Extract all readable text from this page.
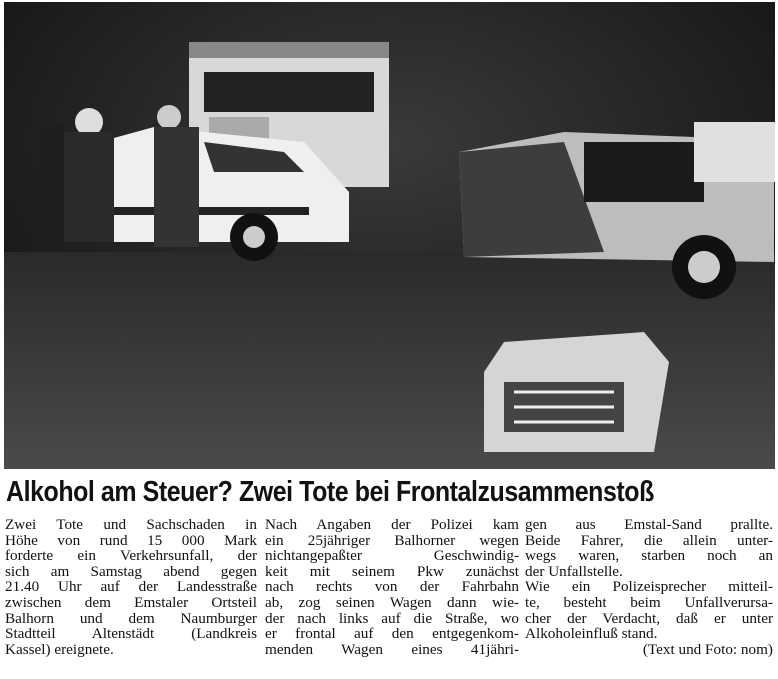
Alkohol am Steuer? Zwei Tote bei Frontalzusammenstoß
Zwei Tote und Sachschaden in
Höhe von rund 15 000 Mark
forderte ein Verkehrsunfall, der
sich am Samstag abend gegen
21.40 Uhr auf der Landesstraße
zwischen dem Emstaler Ortsteil
Balhorn und dem Naumburger
Stadtteil Altenstädt (Landkreis
Kassel) ereignete.
Nach Angaben der Polizei kam
ein 25jähriger Balhorner wegen
nichtangepaßter Geschwindig-
keit mit seinem Pkw zunächst
nach rechts von der Fahrbahn
ab, zog seinen Wagen dann wie-
der nach links auf die Straße, wo
er frontal auf den entgegenkom-
menden Wagen eines 41jähri-
gen aus Emstal-Sand prallte.
Beide Fahrer, die allein unter-
wegs waren, starben noch an
der Unfallstelle.
Wie ein Polizeisprecher mitteil-
te, besteht beim Unfallverursa-
cher der Verdacht, daß er unter
Alkoholeinfluß stand.
(Text und Foto: nom)
